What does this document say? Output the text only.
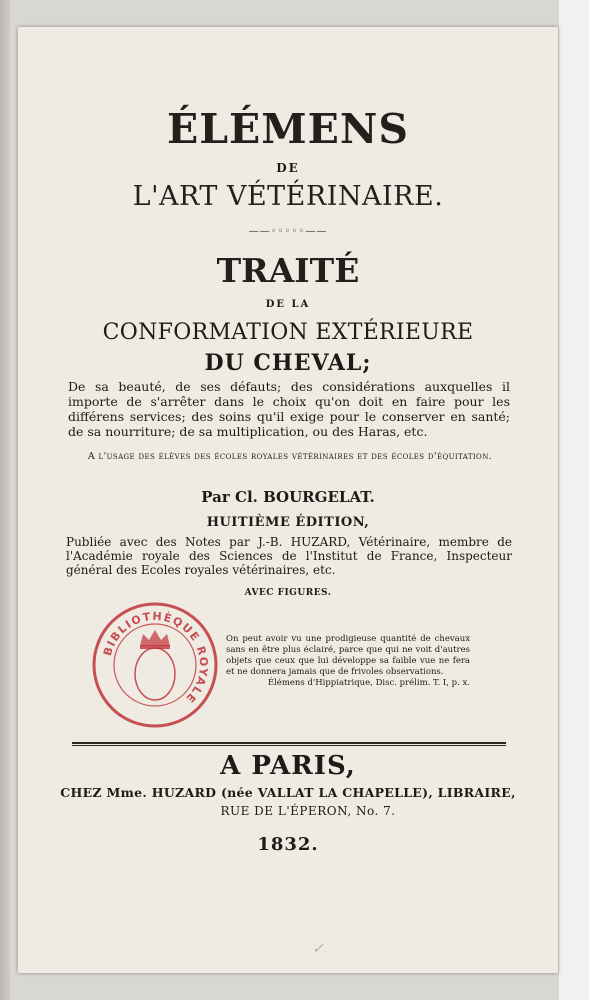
ÉLÉMENS
DE
L'ART VÉTÉRINAIRE.
——◦◦◦◦◦——
TRAITÉ
DE LA
CONFORMATION EXTÉRIEURE
DU CHEVAL;
De sa beauté, de ses défauts; des considérations auxquelles il importe de s'arrêter dans le choix qu'on doit en faire pour les différens services; des soins qu'il exige pour le conserver en santé; de sa nourriture; de sa multiplication, ou des Haras, etc.
A l'usage des élèves des écoles royales vétérinaires et des écoles d'équitation.
Par Cl. BOURGELAT.
HUITIÈME ÉDITION,
Publiée avec des Notes par J.-B. HUZARD, Vétérinaire, membre de l'Académie royale des Sciences de l'Institut de France, Inspecteur général des Ecoles royales vétérinaires, etc.
AVEC FIGURES.
BIBLIOTHÈQUE ROYALE
On peut avoir vu une prodigieuse quantité de chevaux sans en être plus éclairé, parce que qui ne voit d'autres objets que ceux que lui développe sa faible vue ne fera et ne donnera jamais que de frivoles observations.
Élémens d'Hippiatrique, Disc. prélim. T. I, p. x.
A PARIS,
CHEZ Mme. HUZARD (née VALLAT LA CHAPELLE), LIBRAIRE,
RUE DE L'ÉPERON, No. 7.
1832.
✓
